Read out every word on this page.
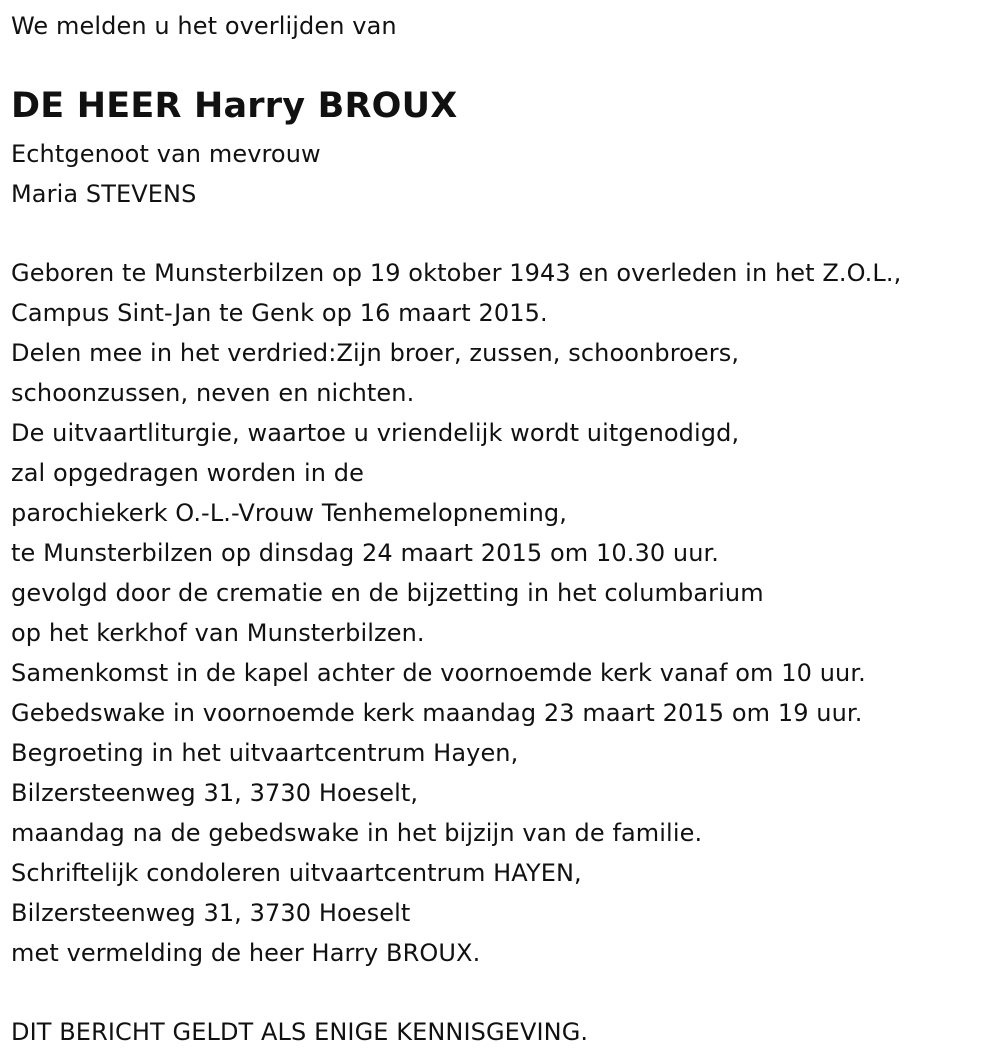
We melden u het overlijden van
DE HEER Harry BROUX
Echtgenoot van mevrouw
Maria STEVENS
Geboren te Munsterbilzen op 19 oktober 1943 en overleden in het Z.O.L.,
Campus Sint-Jan te Genk op 16 maart 2015.
Delen mee in het verdried:Zijn broer, zussen, schoonbroers,
schoonzussen, neven en nichten.
De uitvaartliturgie, waartoe u vriendelijk wordt uitgenodigd,
zal opgedragen worden in de
parochiekerk O.-L.-Vrouw Tenhemelopneming,
te Munsterbilzen op dinsdag 24 maart 2015 om 10.30 uur.
gevolgd door de crematie en de bijzetting in het columbarium
op het kerkhof van Munsterbilzen.
Samenkomst in de kapel achter de voornoemde kerk vanaf om 10 uur.
Gebedswake in voornoemde kerk maandag 23 maart 2015 om 19 uur.
Begroeting in het uitvaartcentrum Hayen,
Bilzersteenweg 31, 3730 Hoeselt,
maandag na de gebedswake in het bijzijn van de familie.
Schriftelijk condoleren uitvaartcentrum HAYEN,
Bilzersteenweg 31, 3730 Hoeselt
met vermelding de heer Harry BROUX.
DIT BERICHT GELDT ALS ENIGE KENNISGEVING.
